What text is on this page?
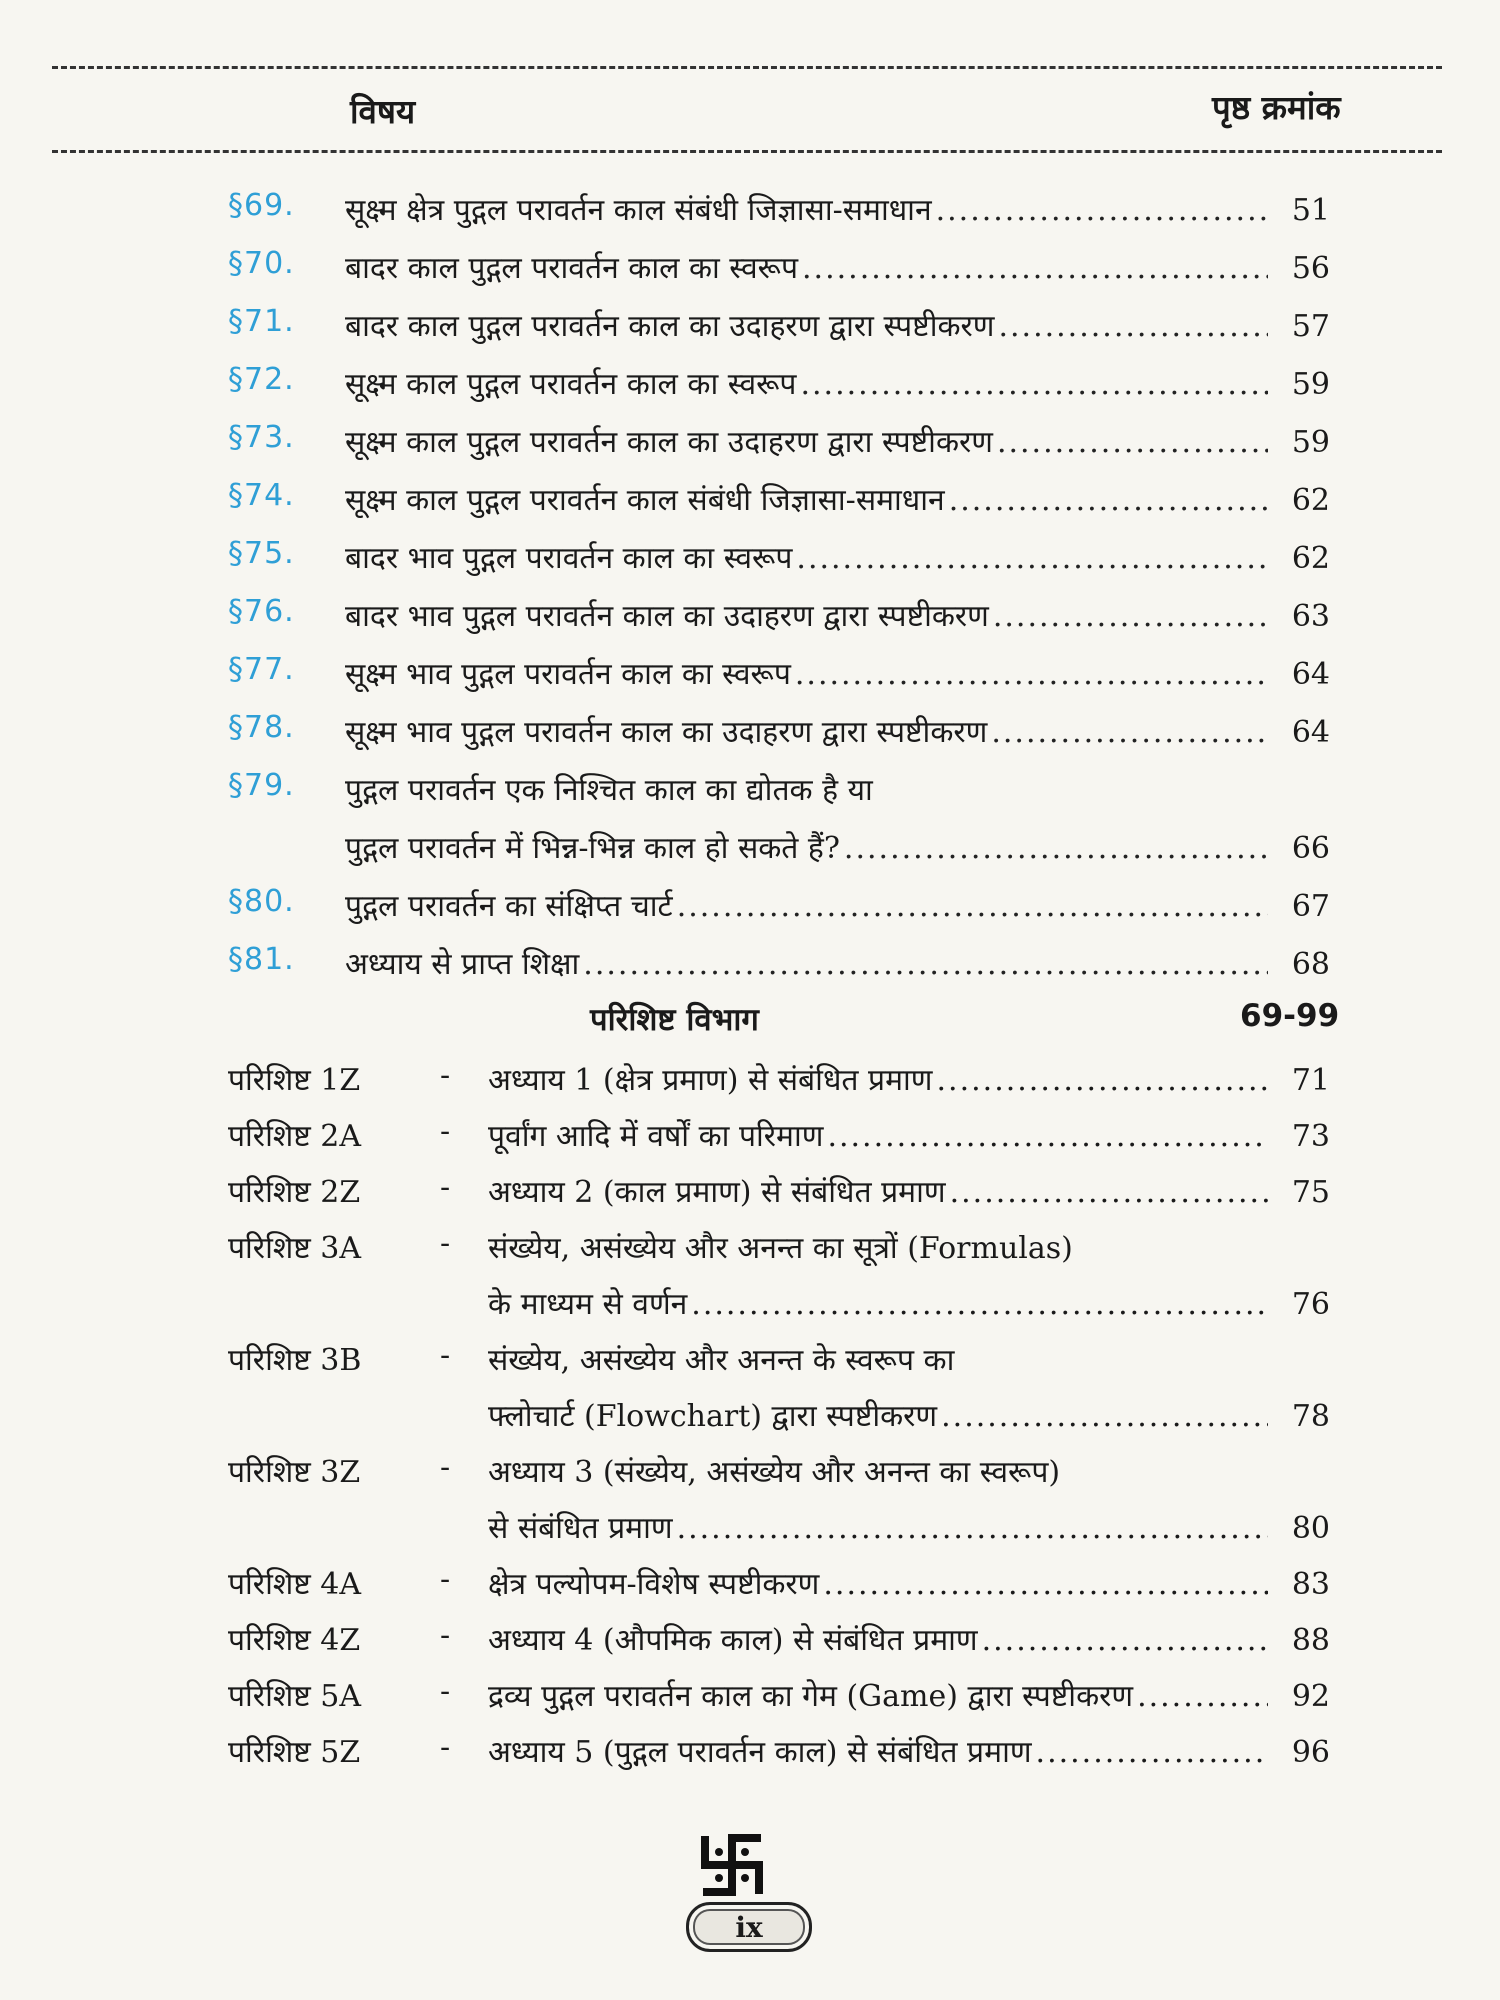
विषय	पृष्ठ क्रमांक
§69. सूक्ष्म क्षेत्र पुद्गल परावर्तन काल संबंधी जिज्ञासा-समाधान .....	51
§70. बादर काल पुद्गल परावर्तन काल का स्वरूप .....	56
§71. बादर काल पुद्गल परावर्तन काल का उदाहरण द्वारा स्पष्टीकरण .....	57
§72. सूक्ष्म काल पुद्गल परावर्तन काल का स्वरूप .....	59
§73. सूक्ष्म काल पुद्गल परावर्तन काल का उदाहरण द्वारा स्पष्टीकरण .....	59
§74. सूक्ष्म काल पुद्गल परावर्तन काल संबंधी जिज्ञासा-समाधान .....	62
§75. बादर भाव पुद्गल परावर्तन काल का स्वरूप .....	62
§76. बादर भाव पुद्गल परावर्तन काल का उदाहरण द्वारा स्पष्टीकरण .....	63
§77. सूक्ष्म भाव पुद्गल परावर्तन काल का स्वरूप .....	64
§78. सूक्ष्म भाव पुद्गल परावर्तन काल का उदाहरण द्वारा स्पष्टीकरण .....	64
§79. पुद्गल परावर्तन एक निश्चित काल का द्योतक है या
पुद्गल परावर्तन में भिन्न-भिन्न काल हो सकते हैं? .....	66
§80. पुद्गल परावर्तन का संक्षिप्त चार्ट .....	67
§81. अध्याय से प्राप्त शिक्षा .....	68
परिशिष्ट विभाग	69-99
परिशिष्ट 1Z	- अध्याय 1 (क्षेत्र प्रमाण) से संबंधित प्रमाण .....	71
परिशिष्ट 2A	- पूर्वांग आदि में वर्षों का परिमाण .....	73
परिशिष्ट 2Z	- अध्याय 2 (काल प्रमाण) से संबंधित प्रमाण .....	75
परिशिष्ट 3A	- संख्येय, असंख्येय और अनन्त का सूत्रों (Formulas)
के माध्यम से वर्णन .....	76
परिशिष्ट 3B	- संख्येय, असंख्येय और अनन्त के स्वरूप का
फ्लोचार्ट (Flowchart) द्वारा स्पष्टीकरण .....	78
परिशिष्ट 3Z	- अध्याय 3 (संख्येय, असंख्येय और अनन्त का स्वरूप)
से संबंधित प्रमाण .....	80
परिशिष्ट 4A	- क्षेत्र पल्योपम-विशेष स्पष्टीकरण .....	83
परिशिष्ट 4Z	- अध्याय 4 (औपमिक काल) से संबंधित प्रमाण .....	88
परिशिष्ट 5A	- द्रव्य पुद्गल परावर्तन काल का गेम (Game) द्वारा स्पष्टीकरण .....	92
परिशिष्ट 5Z	- अध्याय 5 (पुद्गल परावर्तन काल) से संबंधित प्रमाण .....	96
ix
